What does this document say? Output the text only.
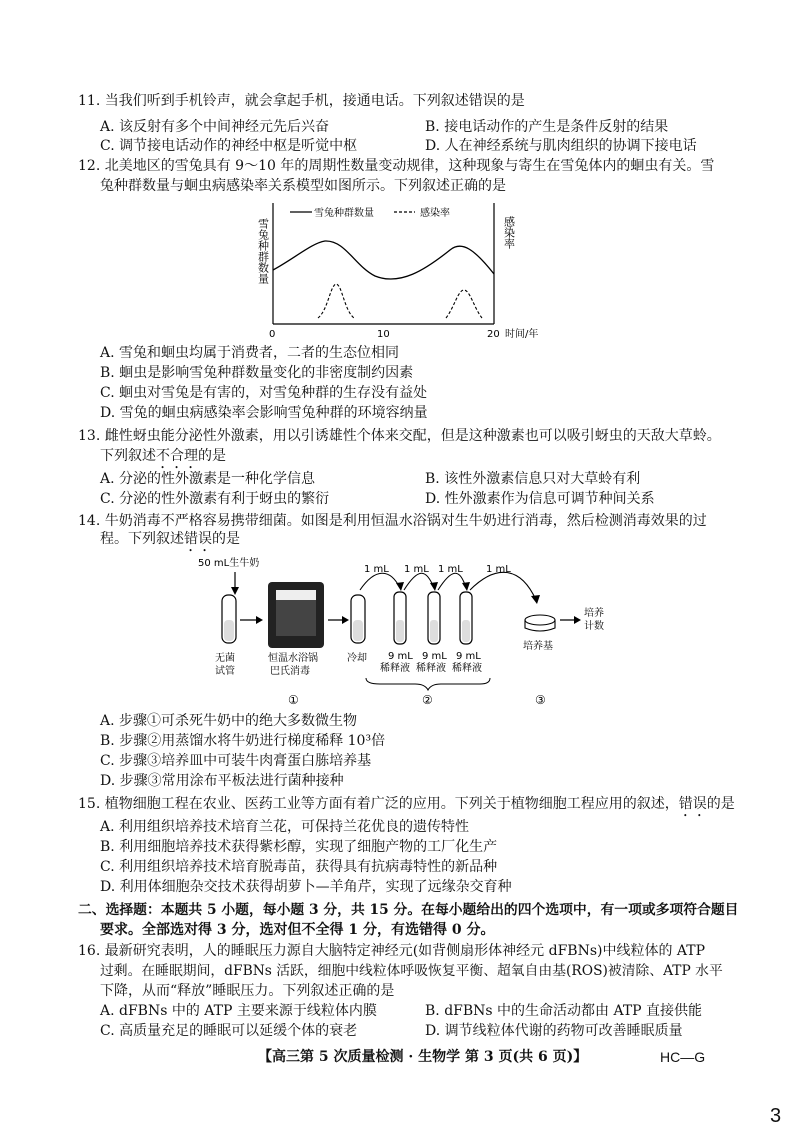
11. 当我们听到手机铃声，就会拿起手机，接通电话。下列叙述错误的是
A. 该反射有多个中间神经元先后兴奋	B. 接电话动作的产生是条件反射的结果
C. 调节接电话动作的神经中枢是听觉中枢	D. 人在神经系统与肌肉组织的协调下接电话
12. 北美地区的雪兔具有 9～10 年的周期性数量变动规律，这种现象与寄生在雪兔体内的蛔虫有关。雪
兔种群数量与蛔虫病感染率关系模型如图所示。下列叙述正确的是
雪兔种群数量	感染率
雪兔种群数量	感染率
0	10	20 时间/年
A. 雪兔和蛔虫均属于消费者，二者的生态位相同
B. 蛔虫是影响雪兔种群数量变化的非密度制约因素
C. 蛔虫对雪兔是有害的，对雪兔种群的生存没有益处
D. 雪兔的蛔虫病感染率会影响雪兔种群的环境容纳量
13. 雌性蚜虫能分泌性外激素，用以引诱雄性个体来交配，但是这种激素也可以吸引蚜虫的天敌大草蛉。
下列叙述不合理的是
A. 分泌的性外激素是一种化学信息	B. 该性外激素信息只对大草蛉有利
C. 分泌的性外激素有利于蚜虫的繁衍	D. 性外激素作为信息可调节种间关系
14. 牛奶消毒不严格容易携带细菌。如图是利用恒温水浴锅对生牛奶进行消毒，然后检测消毒效果的过
程。下列叙述错误的是
50 mL生牛奶
无菌
试管
恒温水浴锅
巴氏消毒
冷却
1 mL 1 mL 1 mL 1 mL
9 mL 9 mL 9 mL
稀释液 稀释液 稀释液
培养基
培养
计数
①	②	③
A. 步骤①可杀死牛奶中的绝大多数微生物
B. 步骤②用蒸馏水将牛奶进行梯度稀释 10³倍
C. 步骤③培养皿中可装牛肉膏蛋白胨培养基
D. 步骤③常用涂布平板法进行菌种接种
15. 植物细胞工程在农业、医药工业等方面有着广泛的应用。下列关于植物细胞工程应用的叙述，错误的是
A. 利用组织培养技术培育兰花，可保持兰花优良的遗传特性
B. 利用细胞培养技术获得紫杉醇，实现了细胞产物的工厂化生产
C. 利用组织培养技术培育脱毒苗，获得具有抗病毒特性的新品种
D. 利用体细胞杂交技术获得胡萝卜—羊角芹，实现了远缘杂交育种
二、选择题：本题共 5 小题，每小题 3 分，共 15 分。在每小题给出的四个选项中，有一项或多项符合题目
要求。全部选对得 3 分，选对但不全得 1 分，有选错得 0 分。
16. 最新研究表明，人的睡眠压力源自大脑特定神经元(如背侧扇形体神经元 dFBNs)中线粒体的 ATP
过剩。在睡眠期间，dFBNs 活跃，细胞中线粒体呼吸恢复平衡、超氧自由基(ROS)被清除、ATP 水平
下降，从而“释放”睡眠压力。下列叙述正确的是
A. dFBNs 中的 ATP 主要来源于线粒体内膜	B. dFBNs 中的生命活动都由 ATP 直接供能
C. 高质量充足的睡眠可以延缓个体的衰老	D. 调节线粒体代谢的药物可改善睡眠质量
【高三第 5 次质量检测 · 生物学 第 3 页(共 6 页)】	HC—G
3
